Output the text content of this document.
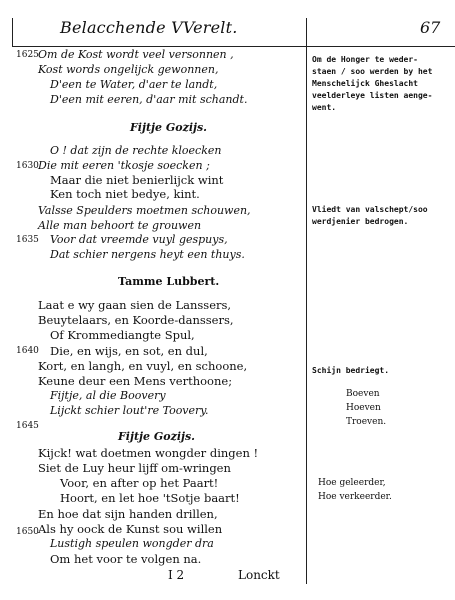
Belacchende VVerelt.	67
1625
1630
1635
1640
1645
1650
Om de Kost wordt veel versonnen ,
Kost words ongelijck gewonnen,
D'een te Water, d'aer te landt,
D'een mit eeren, d'aar mit schandt.
Fijtje Gozijs.
O ! dat zijn de rechte kloecken
Die mit eeren 'tkosje soecken ;
Maar die niet benierlijck wint
Ken toch niet bedye, kint.
Valsse Speulders moetmen schouwen,
Alle man behoort te grouwen
Voor dat vreemde vuyl gespuys,
Dat schier nergens heyt een thuys.
Tamme Lubbert.
Laat e wy gaan sien de Lanssers,
Beuytelaars, en Koorde-danssers,
Of Krommediangte Spul,
Die, en wijs, en sot, en dul,
Kort, en langh, en vuyl, en schoone,
Keune deur een Mens verthoone;
Fijtje, al die Boovery
Lijckt schier lout're Toovery.
Fijtje Gozijs.
Kijck! wat doetmen wongder dingen !
Siet de Luy heur lijff om-wringen
Voor, en after op het Paart!
Hoort, en let hoe 'tSotje baart!
En hoe dat sijn handen drillen,
Als hy oock de Kunst sou willen
Lustigh speulen wongder dra
Om het voor te volgen na.
I 2	Lonckt
Om de Honger te weder-
staen / soo werden by het
Menschelijck Gheslacht
veelderleye listen aenge-
went.
Vliedt van valschept/soo
werdjenier bedrogen.
Schijn bedriegt.
Boeven
Hoeven
Troeven.
Hoe geleerder,
Hoe verkeerder.
